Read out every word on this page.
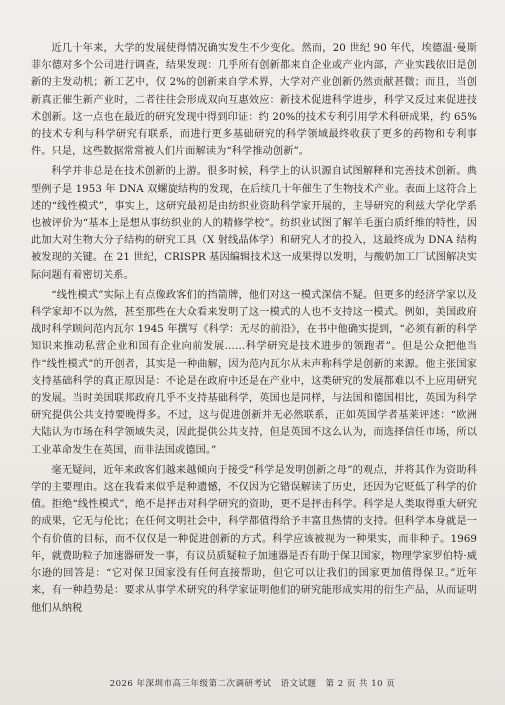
近几十年来，大学的发展使得情况确实发生不少变化。然而，20 世纪 90 年代，埃德温·曼斯菲尔德对多个公司进行调查，结果发现：几乎所有创新都来自企业或产业内部，产业实践依旧是创新的主发动机；新工艺中，仅 2%的创新来自学术界，大学对产业创新仍然贡献甚微；而且，当创新真正催生新产业时，二者往往会形成双向互惠效应：新技术促进科学进步，科学又反过来促进技术创新。这一点也在最近的研究发现中得到印证：约 20%的技术专利引用学术科研成果，约 65%的技术专利与科学研究有联系，而进行更多基础研究的科学领域最终收获了更多的药物和专利事件。只是，这些数据常常被人们片面解读为“科学推动创新”。

科学并非总是在技术创新的上游。很多时候，科学上的认识源自试图解释和完善技术创新。典型例子是 1953 年 DNA 双螺旋结构的发现，在后续几十年催生了生物技术产业。表面上这符合上述的“线性模式”，事实上，这研究最初是由纺织业资助科学家开展的，主导研究的利兹大学化学系也被评价为“基本上是想从事纺织业的人的精修学校”。纺织业试图了解羊毛蛋白质纤维的特性，因此加大对生物大分子结构的研究工具（X 射线晶体学）和研究人才的投入，这最终成为 DNA 结构被发现的关键。在 21 世纪，CRISPR 基因编辑技术这一成果得以发明，与酸奶加工厂试图解决实际问题有着密切关系。

“线性模式”实际上有点像政客们的挡箭牌，他们对这一模式深信不疑。但更多的经济学家以及科学家却不以为然，甚至那些在大众看来发明了这一模式的人也不支持这一模式。例如，美国政府战时科学顾问范内瓦尔 1945 年撰写《科学：无尽的前沿》，在书中他确实提到，“必须有新的科学知识来推动私营企业和国有企业向前发展……科学研究是技术进步的领跑者”。但是公众把他当作“线性模式”的开创者，其实是一种曲解，因为范内瓦尔从未声称科学是创新的来源。他主张国家支持基础科学的真正原因是：不论是在政府中还是在产业中，这类研究的发展都难以不上应用研究的发展。当时美国联邦政府几乎不支持基础科学，英国也是同样，与法国和德国相比，英国为科学研究提供公共支持要晚得多。不过，这与促进创新并无必然联系，正如英国学者基莱评述：“欧洲大陆认为市场在科学领域失灵，因此提供公共支持，但是英国不这么认为，而选择信任市场，所以工业革命发生在英国，而非法国或德国。”

毫无疑问，近年来政客们越来越倾向于接受“科学是发明创新之母”的观点，并将其作为资助科学的主要理由。这在我看来似乎是种遗憾，不仅因为它错误解读了历史，还因为它贬低了科学的价值。拒绝“线性模式”，绝不是抨击对科学研究的资助，更不是抨击科学。科学是人类取得重大研究的成果，它无与伦比；在任何文明社会中，科学都值得给予丰富且热情的支持。但科学本身就是一个有价值的目标，而不仅仅是一种促进创新的方式。科学应该被视为一种果实，而非种子。1969 年，就费助粒子加速器研发一事，有议员质疑粒子加速器是否有助于保卫国家，物理学家罗伯特·威尔逊的回答是：“它对保卫国家没有任何直接帮助，但它可以让我们的国家更加值得保卫。”近年来，有一种趋势是：要求从事学术研究的科学家证明他们的研究能形成实用的衍生产品，从而证明他们从纳税

2026 年深圳市高三年级第二次调研考试　语文试题　第 2 页 共 10 页
